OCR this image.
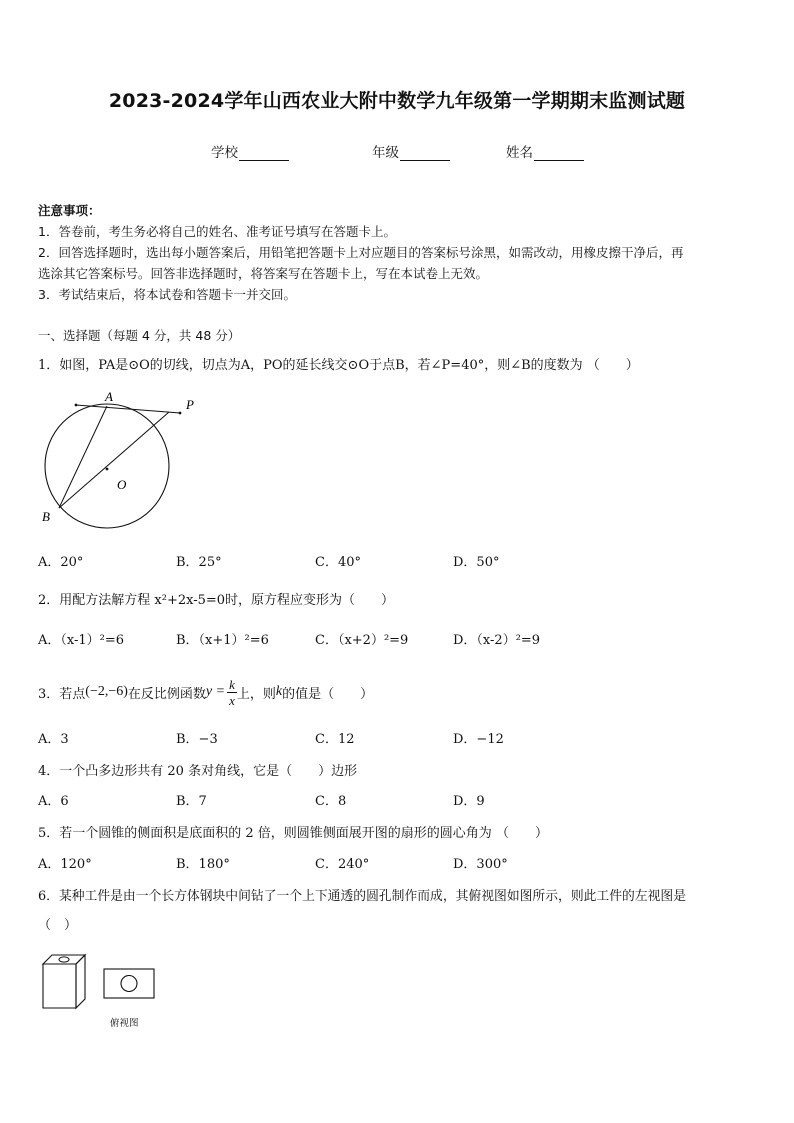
2023-2024学年山西农业大附中数学九年级第一学期期末监测试题
学校	年级	姓名
注意事项：
1．答卷前，考生务必将自己的姓名、准考证号填写在答题卡上。
2．回答选择题时，选出每小题答案后，用铅笔把答题卡上对应题目的答案标号涂黑，如需改动，用橡皮擦干净后，再
选涂其它答案标号。回答非选择题时，将答案写在答题卡上，写在本试卷上无效。
3．考试结束后，将本试卷和答题卡一并交回。
一、选择题（每题 4 分，共 48 分）
1．如图，PA是⊙O的切线，切点为A，PO的延长线交⊙O于点B，若∠P=40°，则∠B的度数为 （　　）
A
P
O
B
A．20°	B．25°	C．40°	D．50°
2．用配方法解方程 x²+2x-5=0时，原方程应变形为（　　）
A．（x-1）²=6	B．（x+1）²=6	C．（x+2）²=9	D．（x-2）²=9
3．若点 (−2,−6) 在反比例函数 $y = \frac{k}{x}$ 上，则 k 的值是（　　）
A．3	B．−3	C．12	D．−12
4．一个凸多边形共有 20 条对角线，它是（　　）边形
A．6	B．7	C．8	D．9
5．若一个圆锥的侧面积是底面积的 2 倍，则圆锥侧面展开图的扇形的圆心角为 （　　）
A．120°	B．180°	C．240°	D．300°
6．某种工件是由一个长方体钢块中间钻了一个上下通透的圆孔制作而成，其俯视图如图所示，则此工件的左视图是
（　）
俯视图
